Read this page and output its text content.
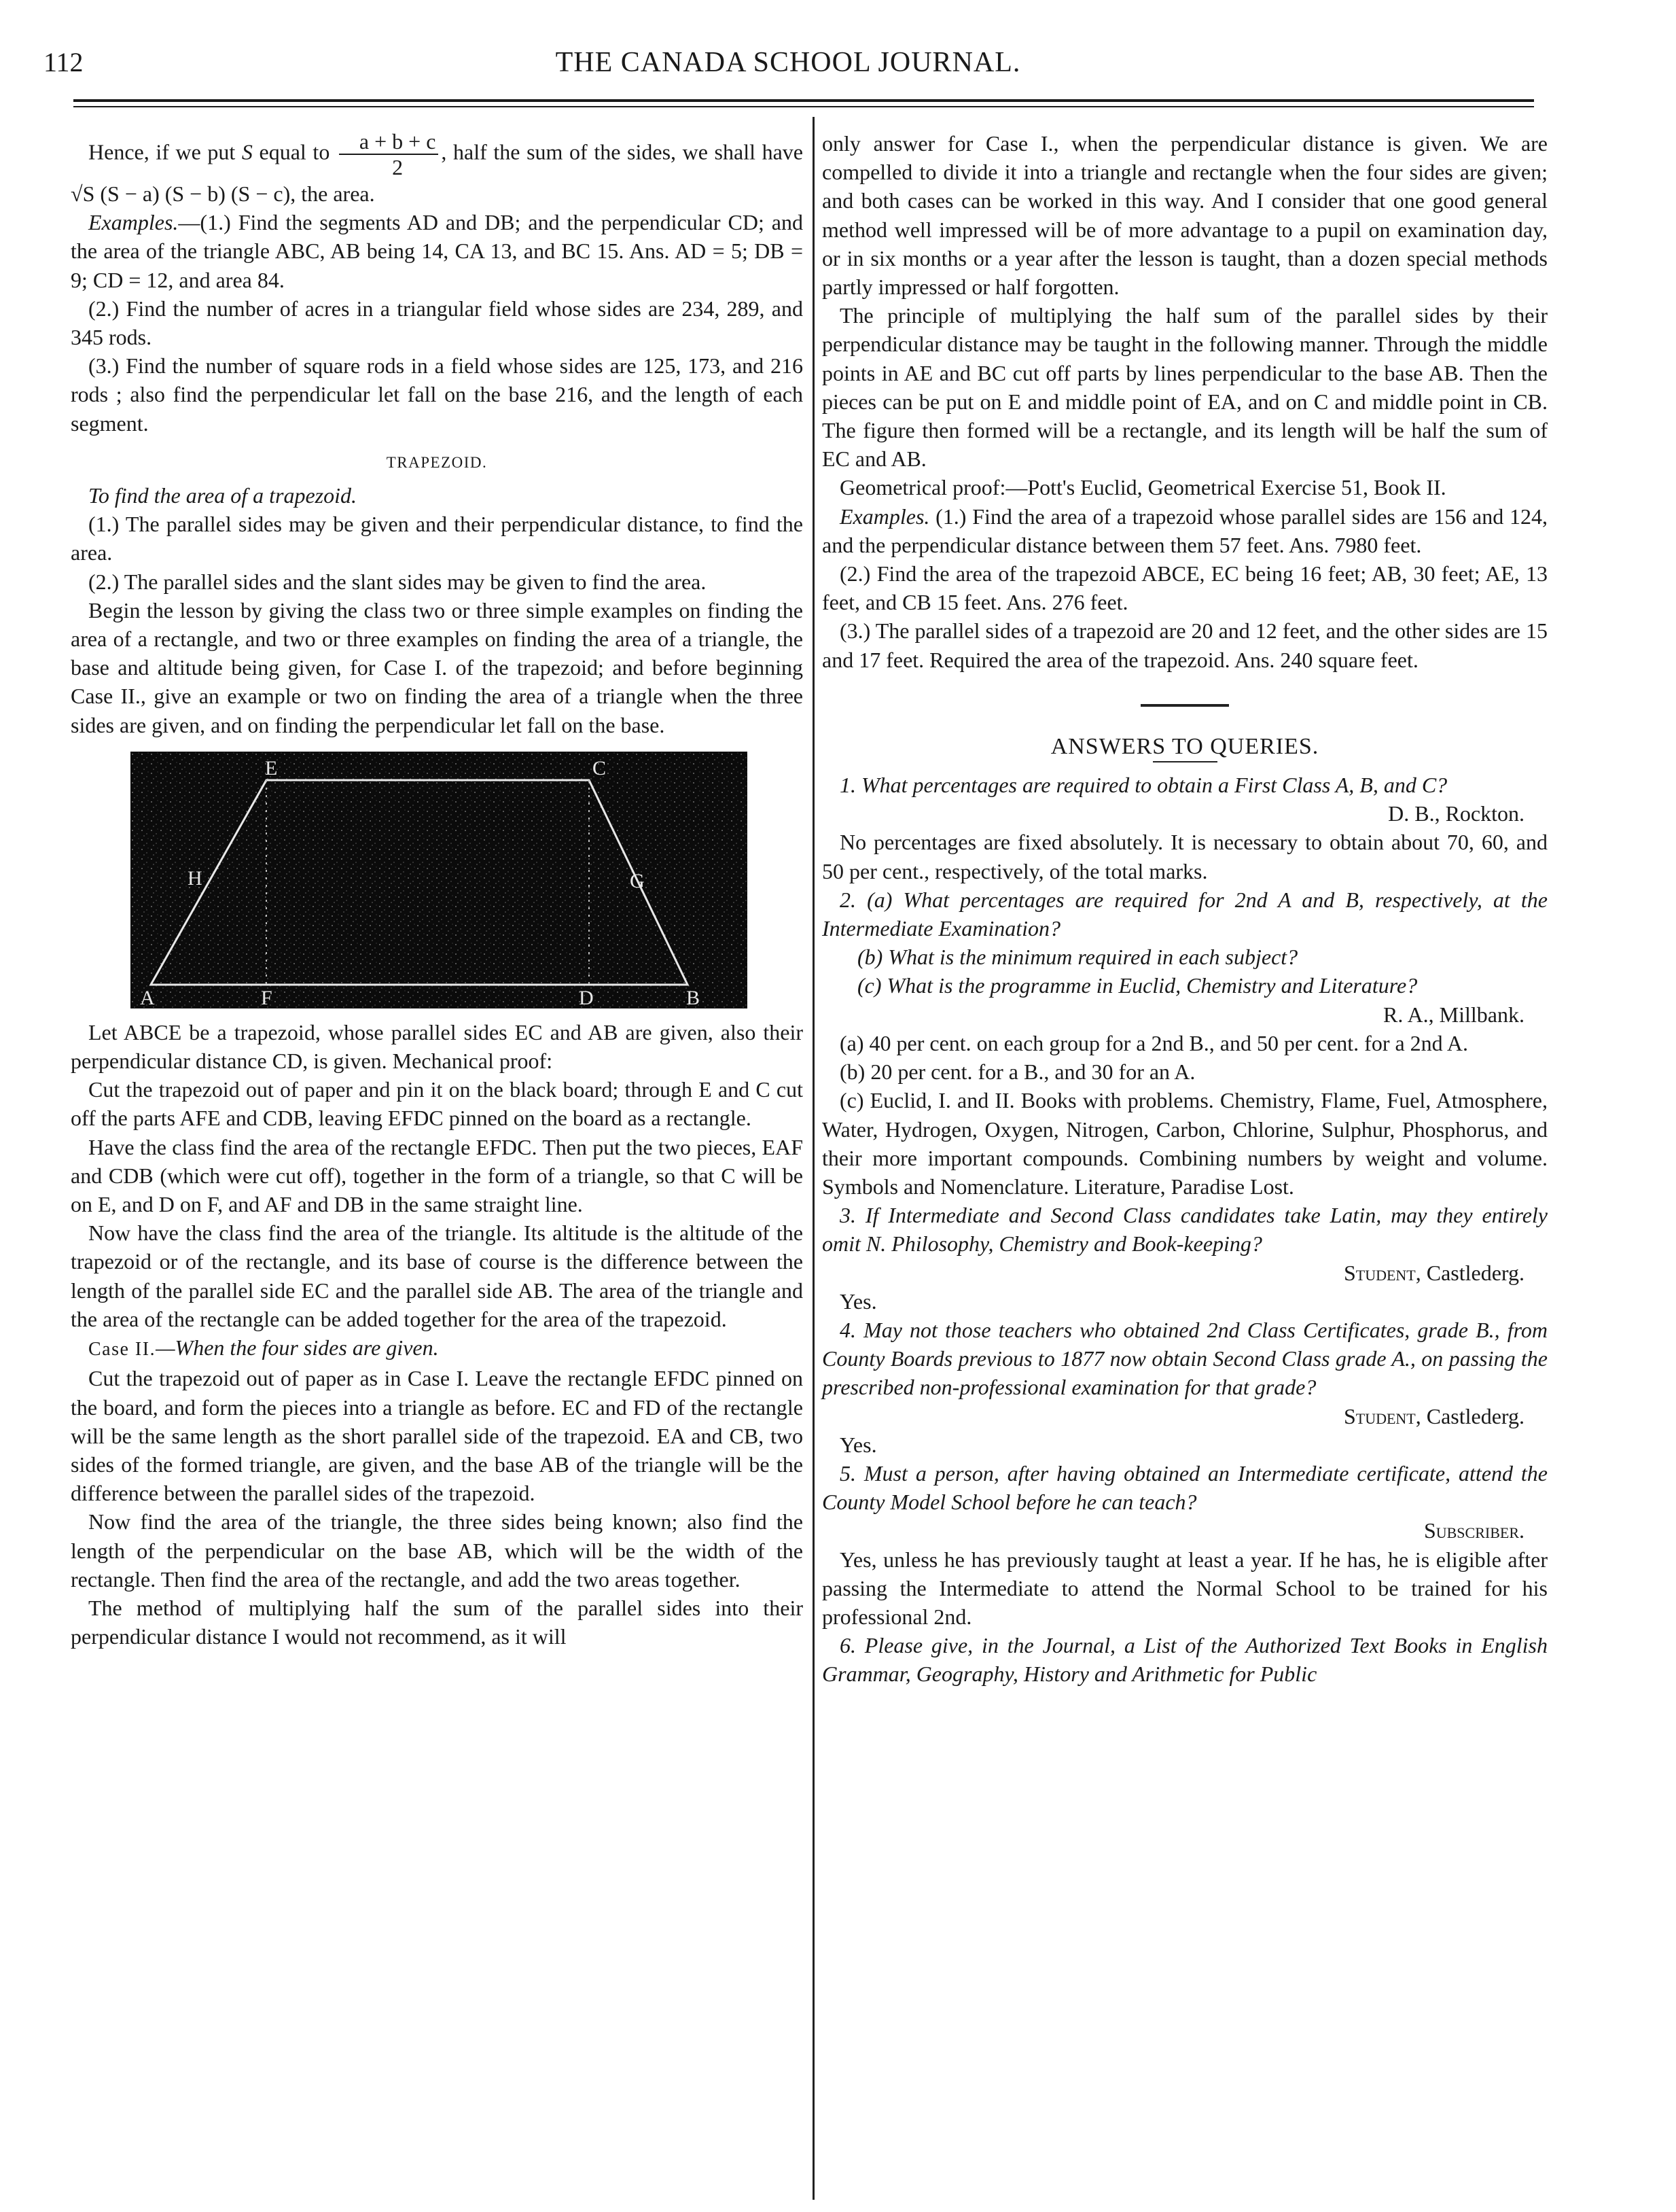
112	THE CANADA SCHOOL JOURNAL.

Hence, if we put S equal to $\frac{a + b + c}{2}$ , half the sum of the sides, we shall have √S (S − a) (S − b) (S − c), the area.

Examples.—(1.) Find the segments AD and DB; and the perpendicular CD; and the area of the triangle ABC, AB being 14, CA 13, and BC 15. Ans. AD = 5; DB = 9; CD = 12, and area 84.

(2.) Find the number of acres in a triangular field whose sides are 234, 289, and 345 rods.

(3.) Find the number of square rods in a field whose sides are 125, 173, and 216 rods ; also find the perpendicular let fall on the base 216, and the length of each segment.

TRAPEZOID.

To find the area of a trapezoid.

(1.) The parallel sides may be given and their perpendicular distance, to find the area.

(2.) The parallel sides and the slant sides may be given to find the area.

Begin the lesson by giving the class two or three simple examples on finding the area of a rectangle, and two or three examples on finding the area of a triangle, the base and altitude being given, for Case I. of the trapezoid; and before beginning Case II., give an example or two on finding the area of a triangle when the three sides are given, and on finding the perpendicular let fall on the base.

E	C
H	G
A	F	D	B

Let ABCE be a trapezoid, whose parallel sides EC and AB are given, also their perpendicular distance CD, is given. Mechanical proof:

Cut the trapezoid out of paper and pin it on the black board; through E and C cut off the parts AFE and CDB, leaving EFDC pinned on the board as a rectangle.

Have the class find the area of the rectangle EFDC. Then put the two pieces, EAF and CDB (which were cut off), together in the form of a triangle, so that C will be on E, and D on F, and AF and DB in the same straight line.

Now have the class find the area of the triangle. Its altitude is the altitude of the trapezoid or of the rectangle, and its base of course is the difference between the length of the parallel side EC and the parallel side AB. The area of the triangle and the area of the rectangle can be added together for the area of the trapezoid.

Case II.—When the four sides are given.

Cut the trapezoid out of paper as in Case I. Leave the rectangle EFDC pinned on the board, and form the pieces into a triangle as before. EC and FD of the rectangle will be the same length as the short parallel side of the trapezoid. EA and CB, two sides of the formed triangle, are given, and the base AB of the triangle will be the difference between the parallel sides of the trapezoid.

Now find the area of the triangle, the three sides being known; also find the length of the perpendicular on the base AB, which will be the width of the rectangle. Then find the area of the rectangle, and add the two areas together.

The method of multiplying half the sum of the parallel sides into their perpendicular distance I would not recommend, as it will

only answer for Case I., when the perpendicular distance is given. We are compelled to divide it into a triangle and rectangle when the four sides are given; and both cases can be worked in this way. And I consider that one good general method well impressed will be of more advantage to a pupil on examination day, or in six months or a year after the lesson is taught, than a dozen special methods partly impressed or half forgotten.

The principle of multiplying the half sum of the parallel sides by their perpendicular distance may be taught in the following manner. Through the middle points in AE and BC cut off parts by lines perpendicular to the base AB. Then the pieces can be put on E and middle point of EA, and on C and middle point in CB. The figure then formed will be a rectangle, and its length will be half the sum of EC and AB.

Geometrical proof:—Pott's Euclid, Geometrical Exercise 51, Book II.

Examples. (1.) Find the area of a trapezoid whose parallel sides are 156 and 124, and the perpendicular distance between them 57 feet. Ans. 7980 feet.

(2.) Find the area of the trapezoid ABCE, EC being 16 feet; AB, 30 feet; AE, 13 feet, and CB 15 feet. Ans. 276 feet.

(3.) The parallel sides of a trapezoid are 20 and 12 feet, and the other sides are 15 and 17 feet. Required the area of the trapezoid. Ans. 240 square feet.

ANSWERS TO QUERIES.

1. What percentages are required to obtain a First Class A, B, and C?

D. B., Rockton.

No percentages are fixed absolutely. It is necessary to obtain about 70, 60, and 50 per cent., respectively, of the total marks.

2. (a) What percentages are required for 2nd A and B, respectively, at the Intermediate Examination?

(b) What is the minimum required in each subject?

(c) What is the programme in Euclid, Chemistry and Literature?

R. A., Millbank.

(a) 40 per cent. on each group for a 2nd B., and 50 per cent. for a 2nd A.

(b) 20 per cent. for a B., and 30 for an A.

(c) Euclid, I. and II. Books with problems. Chemistry, Flame, Fuel, Atmosphere, Water, Hydrogen, Oxygen, Nitrogen, Carbon, Chlorine, Sulphur, Phosphorus, and their more important compounds. Combining numbers by weight and volume. Symbols and Nomenclature. Literature, Paradise Lost.

3. If Intermediate and Second Class candidates take Latin, may they entirely omit N. Philosophy, Chemistry and Book-keeping?

Student, Castlederg.

Yes.

4. May not those teachers who obtained 2nd Class Certificates, grade B., from County Boards previous to 1877 now obtain Second Class grade A., on passing the prescribed non-professional examination for that grade?

Student, Castlederg.

Yes.

5. Must a person, after having obtained an Intermediate certificate, attend the County Model School before he can teach?

Subscriber.

Yes, unless he has previously taught at least a year. If he has, he is eligible after passing the Intermediate to attend the Normal School to be trained for his professional 2nd.

6. Please give, in the Journal, a List of the Authorized Text Books in English Grammar, Geography, History and Arithmetic for Public
